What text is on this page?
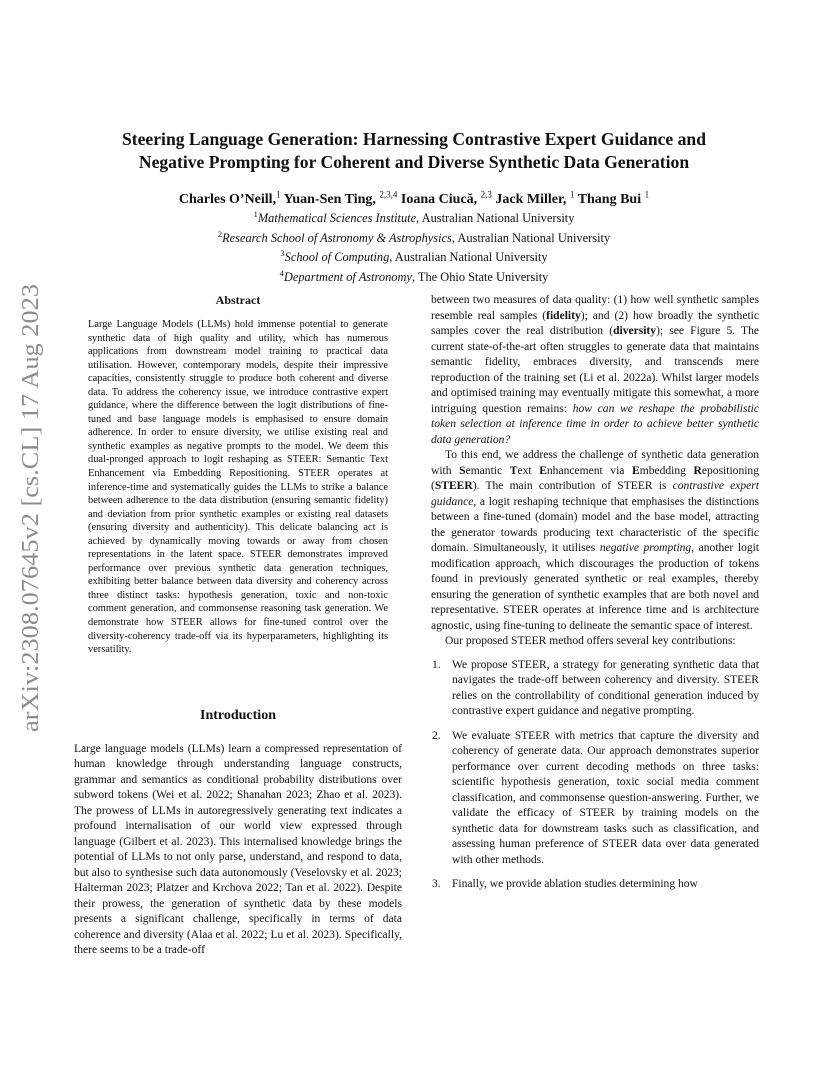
arXiv:2308.07645v2 [cs.CL] 17 Aug 2023
Steering Language Generation: Harnessing Contrastive Expert Guidance and
Negative Prompting for Coherent and Diverse Synthetic Data Generation
Charles O’Neill,$^1$ Yuan-Sen Ting, $^{2,3,4}$ Ioana Ciucă, $^{2,3}$ Jack Miller, $^1$ Thang Bui $^1$
$^1$Mathematical Sciences Institute, Australian National University
$^2$Research School of Astronomy & Astrophysics, Australian National University
$^3$School of Computing, Australian National University
$^4$Department of Astronomy, The Ohio State University
Abstract

Large Language Models (LLMs) hold immense potential to generate synthetic data of high quality and utility, which has numerous applications from downstream model training to practical data utilisation. However, contemporary models, despite their impressive capacities, consistently struggle to produce both coherent and diverse data. To address the coherency issue, we introduce contrastive expert guidance, where the difference between the logit distributions of fine-tuned and base language models is emphasised to ensure domain adherence. In order to ensure diversity, we utilise existing real and synthetic examples as negative prompts to the model. We deem this dual-pronged approach to logit reshaping as STEER: Semantic Text Enhancement via Embedding Repositioning. STEER operates at inference-time and systematically guides the LLMs to strike a balance between adherence to the data distribution (ensuring semantic fidelity) and deviation from prior synthetic examples or existing real datasets (ensuring diversity and authenticity). This delicate balancing act is achieved by dynamically moving towards or away from chosen representations in the latent space. STEER demonstrates improved performance over previous synthetic data generation techniques, exhibiting better balance between data diversity and coherency across three distinct tasks: hypothesis generation, toxic and non-toxic comment generation, and commonsense reasoning task generation. We demonstrate how STEER allows for fine-tuned control over the diversity-coherency trade-off via its hyperparameters, highlighting its versatility.

Introduction

Large language models (LLMs) learn a compressed representation of human knowledge through understanding language constructs, grammar and semantics as conditional probability distributions over subword tokens (Wei et al. 2022; Shanahan 2023; Zhao et al. 2023). The prowess of LLMs in autoregressively generating text indicates a profound internalisation of our world view expressed through language (Gilbert et al. 2023). This internalised knowledge brings the potential of LLMs to not only parse, understand, and respond to data, but also to synthesise such data autonomously (Veselovsky et al. 2023; Halterman 2023; Platzer and Krchova 2022; Tan et al. 2022). Despite their prowess, the generation of synthetic data by these models presents a significant challenge, specifically in terms of data coherence and diversity (Alaa et al. 2022; Lu et al. 2023). Specifically, there seems to be a trade-off

between two measures of data quality: (1) how well synthetic samples resemble real samples (fidelity); and (2) how broadly the synthetic samples cover the real distribution (diversity); see Figure 5. The current state-of-the-art often struggles to generate data that maintains semantic fidelity, embraces diversity, and transcends mere reproduction of the training set (Li et al. 2022a). Whilst larger models and optimised training may eventually mitigate this somewhat, a more intriguing question remains: how can we reshape the probabilistic token selection at inference time in order to achieve better synthetic data generation?

To this end, we address the challenge of synthetic data generation with Semantic Text Enhancement via Embedding Repositioning (STEER). The main contribution of STEER is contrastive expert guidance, a logit reshaping technique that emphasises the distinctions between a fine-tuned (domain) model and the base model, attracting the generator towards producing text characteristic of the specific domain. Simultaneously, it utilises negative prompting, another logit modification approach, which discourages the production of tokens found in previously generated synthetic or real examples, thereby ensuring the generation of synthetic examples that are both novel and representative. STEER operates at inference time and is architecture agnostic, using fine-tuning to delineate the semantic space of interest.

Our proposed STEER method offers several key contributions:

1. We propose STEER, a strategy for generating synthetic data that navigates the trade-off between coherency and diversity. STEER relies on the controllability of conditional generation induced by contrastive expert guidance and negative prompting.
2. We evaluate STEER with metrics that capture the diversity and coherency of generate data. Our approach demonstrates superior performance over current decoding methods on three tasks: scientific hypothesis generation, toxic social media comment classification, and commonsense question-answering. Further, we validate the efficacy of STEER by training models on the synthetic data for downstream tasks such as classification, and assessing human preference of STEER data over data generated with other methods.
3. Finally, we provide ablation studies determining how
